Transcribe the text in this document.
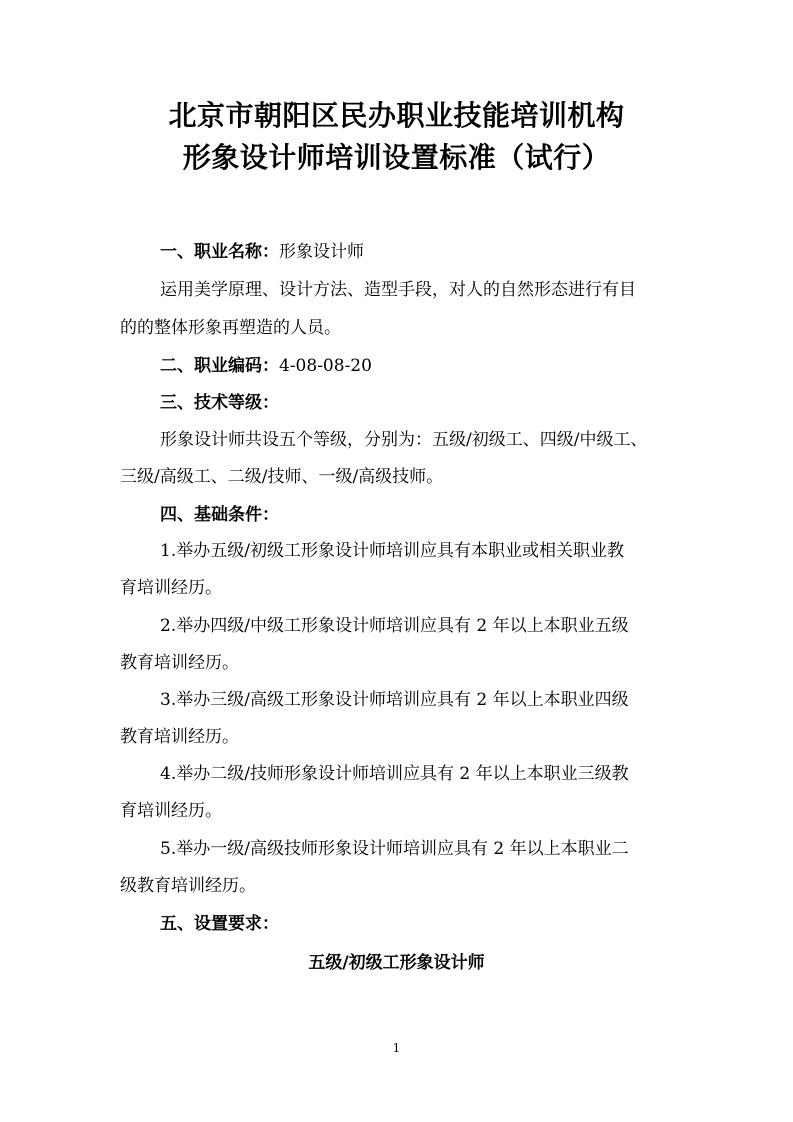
北京市朝阳区民办职业技能培训机构
形象设计师培训设置标准（试行）
一、职业名称：形象设计师
运用美学原理、设计方法、造型手段，对人的自然形态进行有目
的的整体形象再塑造的人员。
二、职业编码：4-08-08-20
三、技术等级：
形象设计师共设五个等级，分别为：五级/初级工、四级/中级工、
三级/高级工、二级/技师、一级/高级技师。
四、基础条件：
1.举办五级/初级工形象设计师培训应具有本职业或相关职业教
育培训经历。
2.举办四级/中级工形象设计师培训应具有 2 年以上本职业五级
教育培训经历。
3.举办三级/高级工形象设计师培训应具有 2 年以上本职业四级
教育培训经历。
4.举办二级/技师形象设计师培训应具有 2 年以上本职业三级教
育培训经历。
5.举办一级/高级技师形象设计师培训应具有 2 年以上本职业二
级教育培训经历。
五、设置要求：
五级/初级工形象设计师
1
